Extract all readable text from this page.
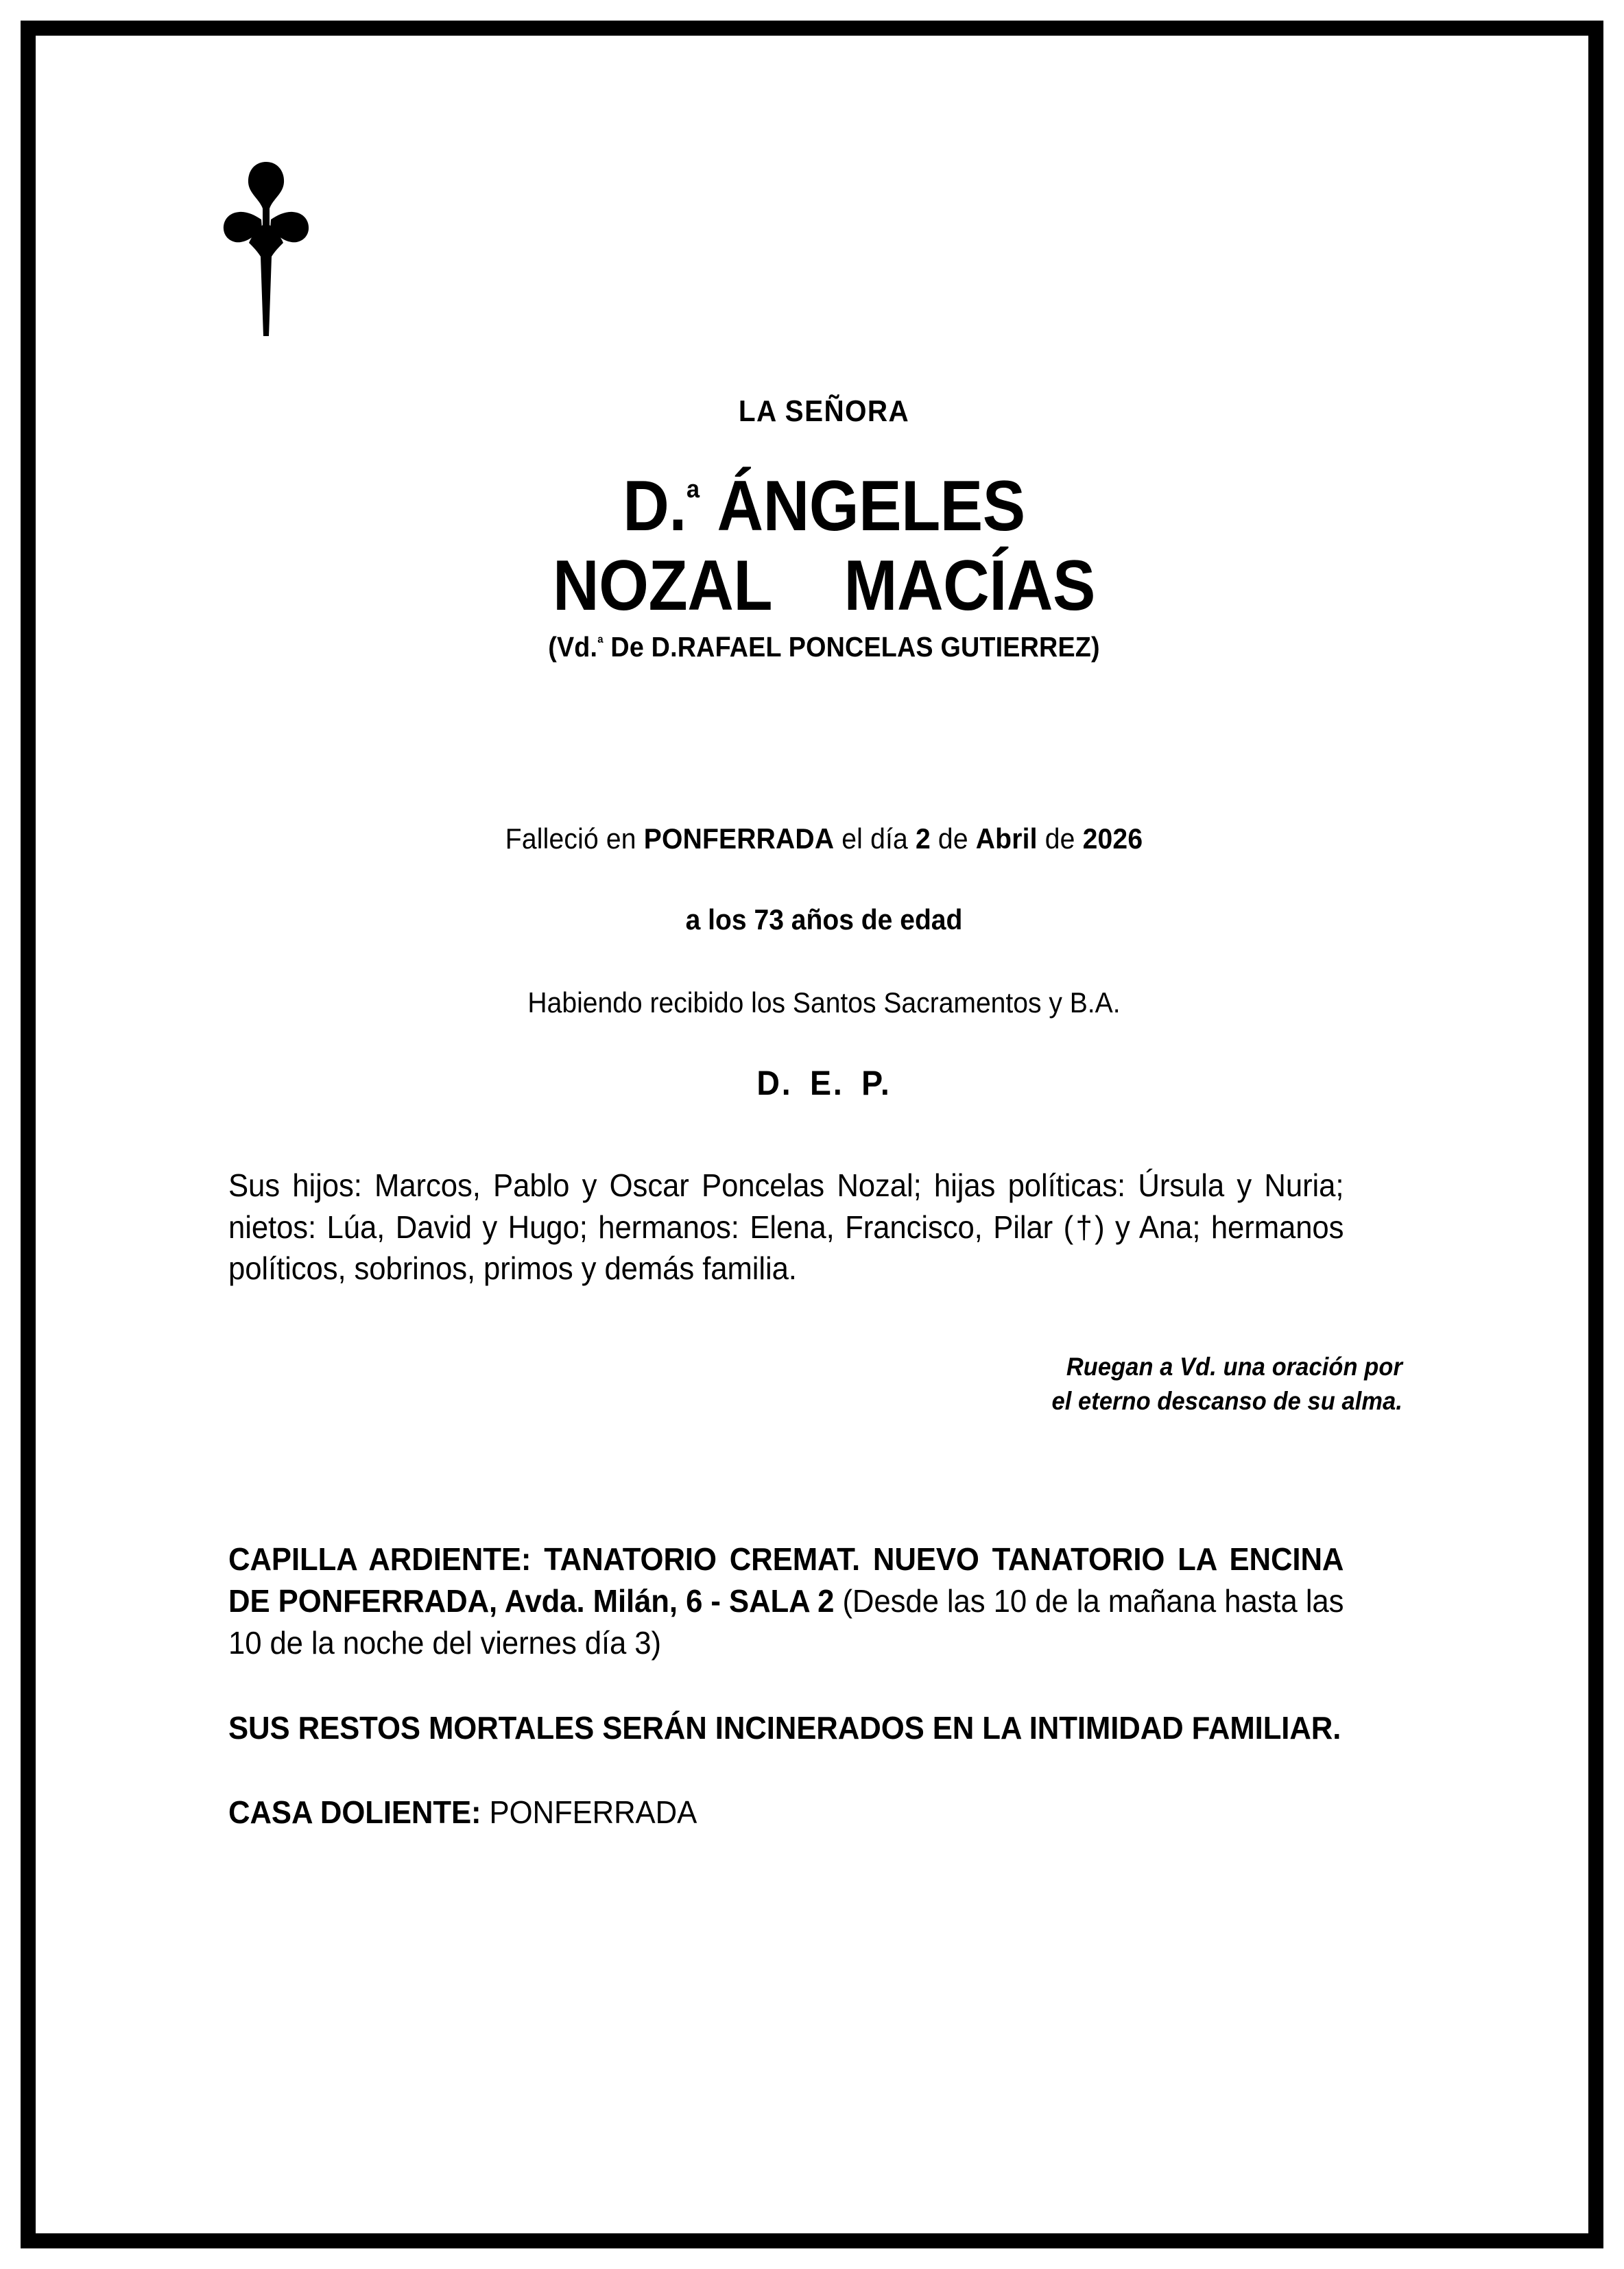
LA SEÑORA
D.$^ª$ ÁNGELES
NOZAL MACÍAS
(Vd.$^ª$ De D.RAFAEL PONCELAS GUTIERREZ)
Falleció en PONFERRADA el día 2 de Abril de 2026
a los 73 años de edad
Habiendo recibido los Santos Sacramentos y B.A.
D. E. P.

Sus hijos: Marcos, Pablo y Oscar Poncelas Nozal; hijas políticas: Úrsula y Nuria; nietos: Lúa, David y Hugo; hermanos: Elena, Francisco, Pilar (†) y Ana; hermanos políticos, sobrinos, primos y demás familia.

Ruegan a Vd. una oración por
el eterno descanso de su alma.

CAPILLA ARDIENTE: TANATORIO CREMAT. NUEVO TANATORIO LA ENCINA DE PONFERRADA, Avda. Milán, 6 - SALA 2 (Desde las 10 de la mañana hasta las 10 de la noche del viernes día 3)

SUS RESTOS MORTALES SERÁN INCINERADOS EN LA INTIMIDAD FAMILIAR.

CASA DOLIENTE: PONFERRADA
